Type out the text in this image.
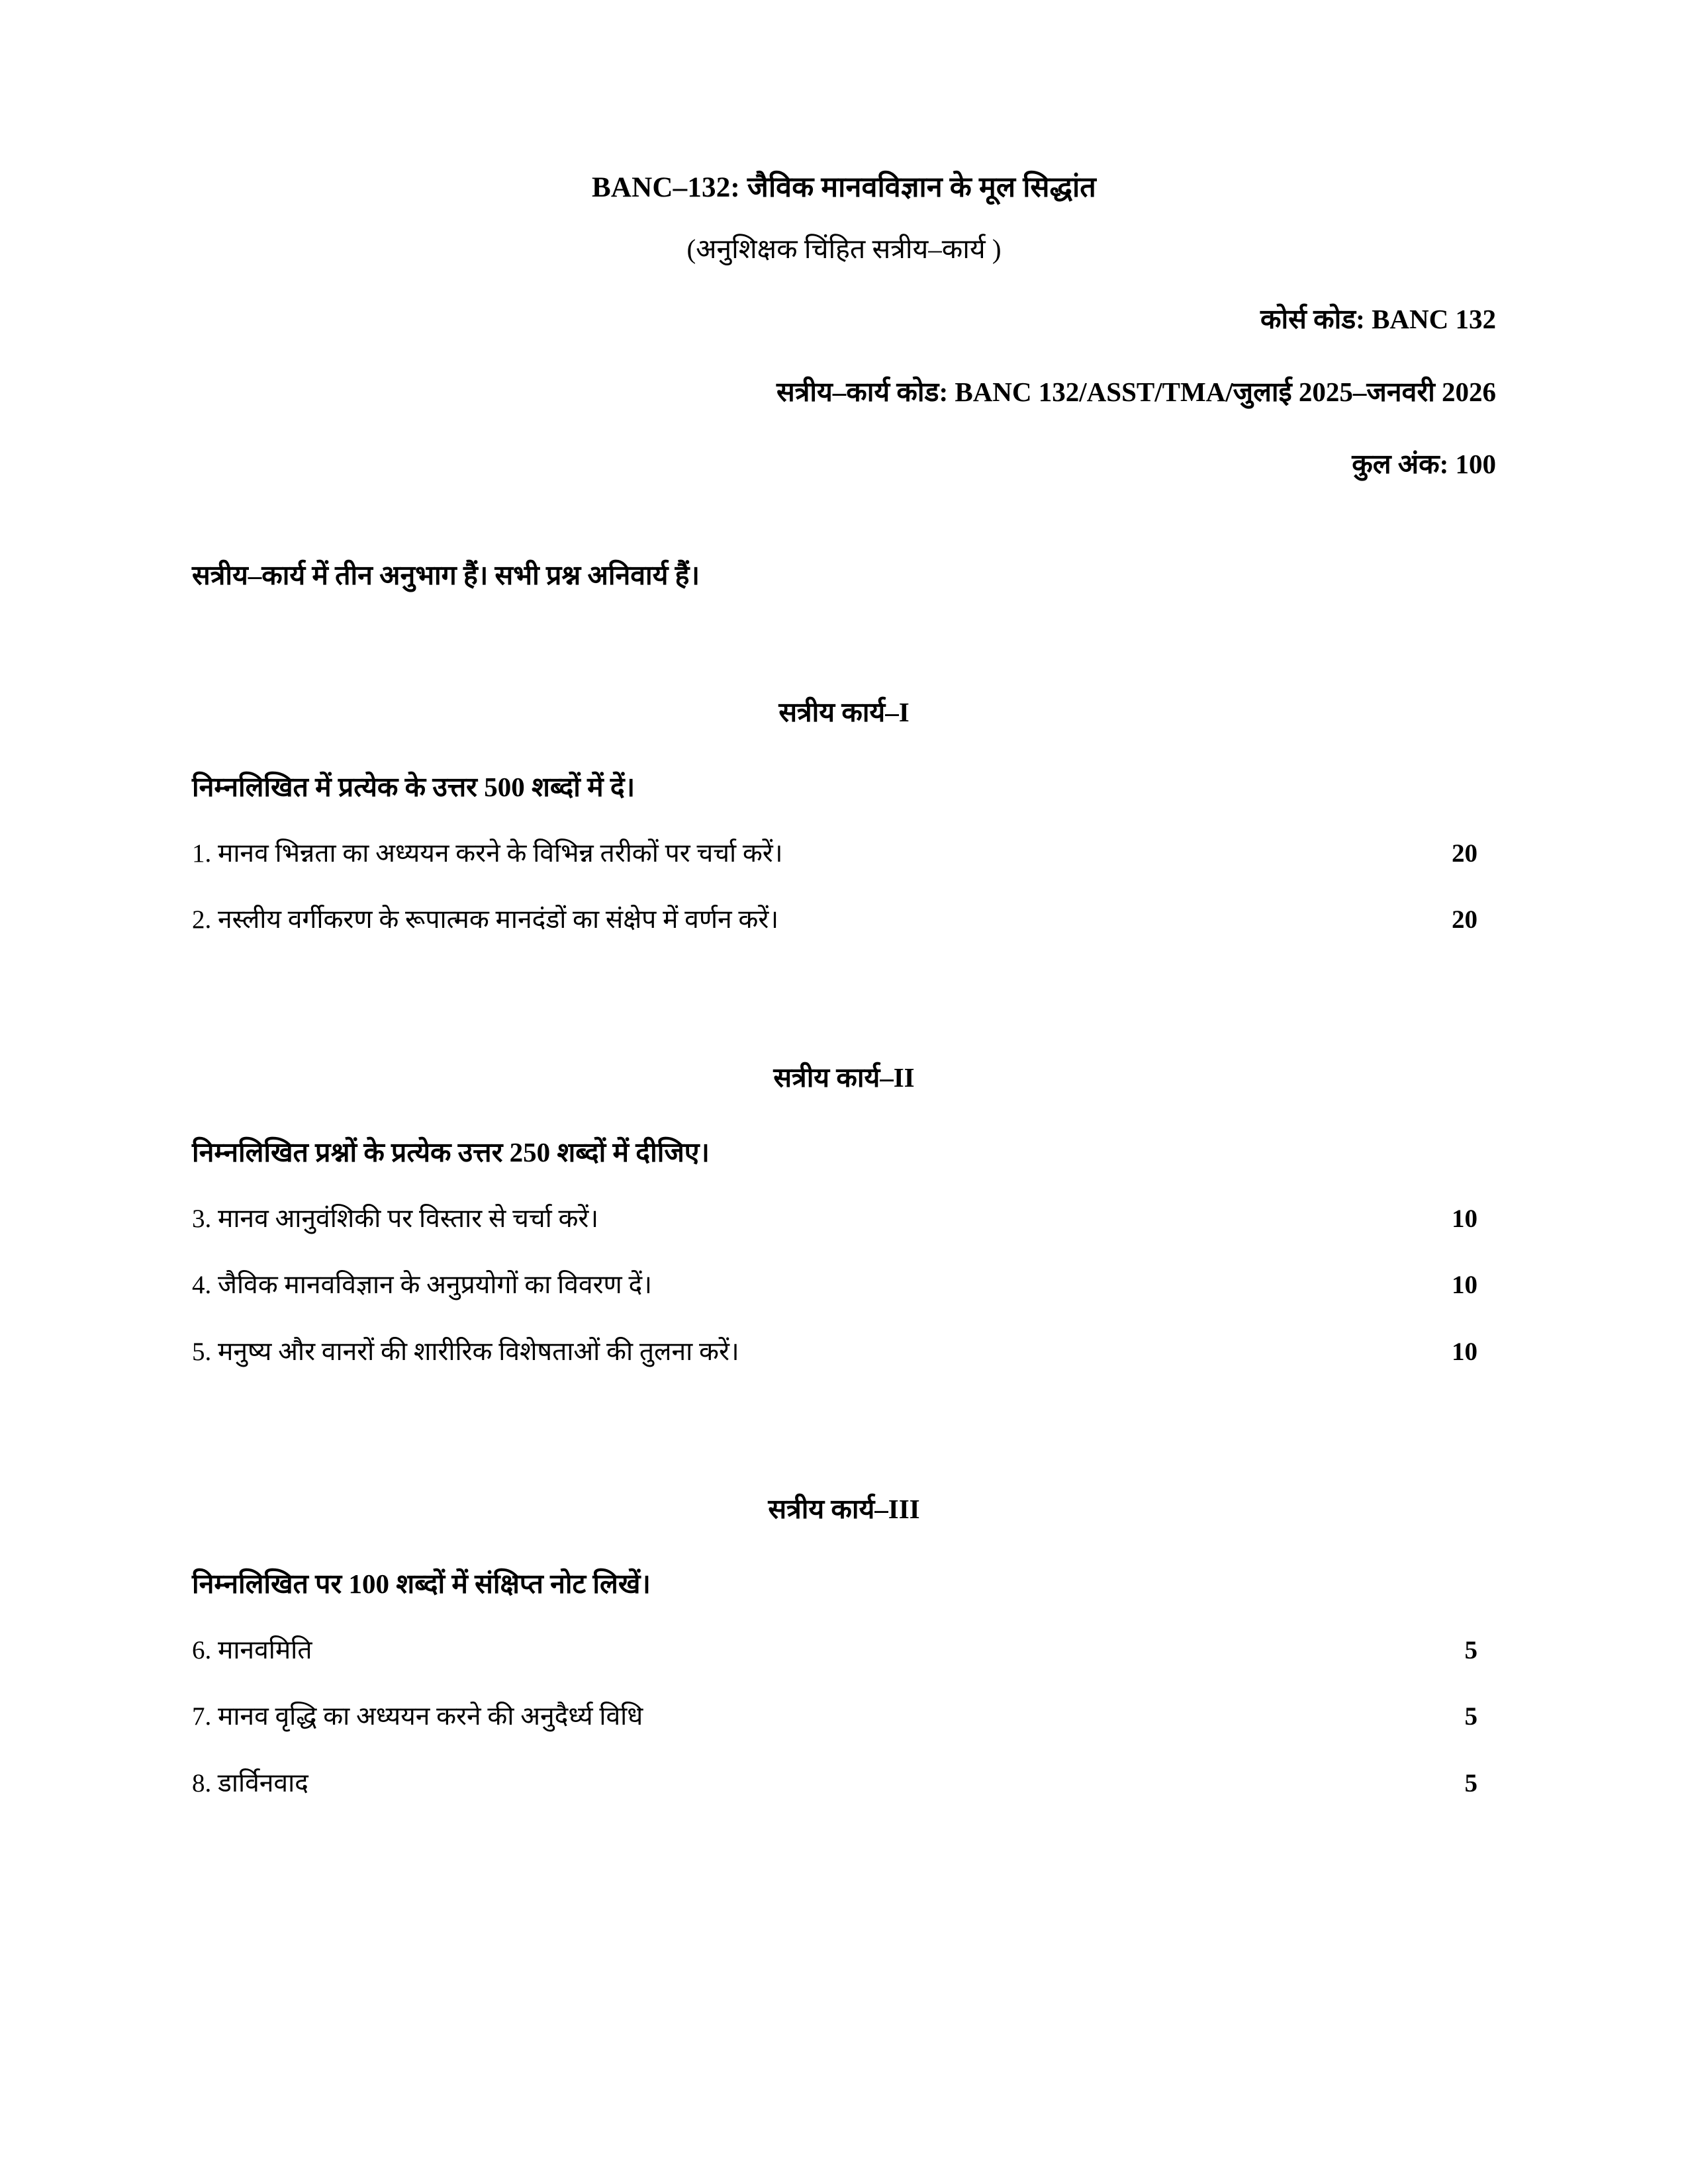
BANC–132: जैविक मानवविज्ञान के मूल सिद्धांत
(अनुशिक्षक चिंहित सत्रीय–कार्य )
कोर्स कोड: BANC 132
सत्रीय–कार्य कोड: BANC 132/ASST/TMA/जुलाई 2025–जनवरी 2026
कुल अंक: 100
सत्रीय–कार्य में तीन अनुभाग हैं। सभी प्रश्न अनिवार्य हैं।
सत्रीय कार्य–I
निम्नलिखित में प्रत्येक के उत्तर 500 शब्दों में दें।
1. मानव भिन्नता का अध्ययन करने के विभिन्न तरीकों पर चर्चा करें।	20
2. नस्लीय वर्गीकरण के रूपात्मक मानदंडों का संक्षेप में वर्णन करें।	20
सत्रीय कार्य–II
निम्नलिखित प्रश्नों के प्रत्येक उत्तर 250 शब्दों में दीजिए।
3. मानव आनुवंशिकी पर विस्तार से चर्चा करें।	10
4. जैविक मानवविज्ञान के अनुप्रयोगों का विवरण दें।	10
5. मनुष्य और वानरों की शारीरिक विशेषताओं की तुलना करें।	10
सत्रीय कार्य–III
निम्नलिखित पर 100 शब्दों में संक्षिप्त नोट लिखें।
6. मानवमिति	5
7. मानव वृद्धि का अध्ययन करने की अनुदैर्ध्य विधि	5
8. डार्विनवाद	5
